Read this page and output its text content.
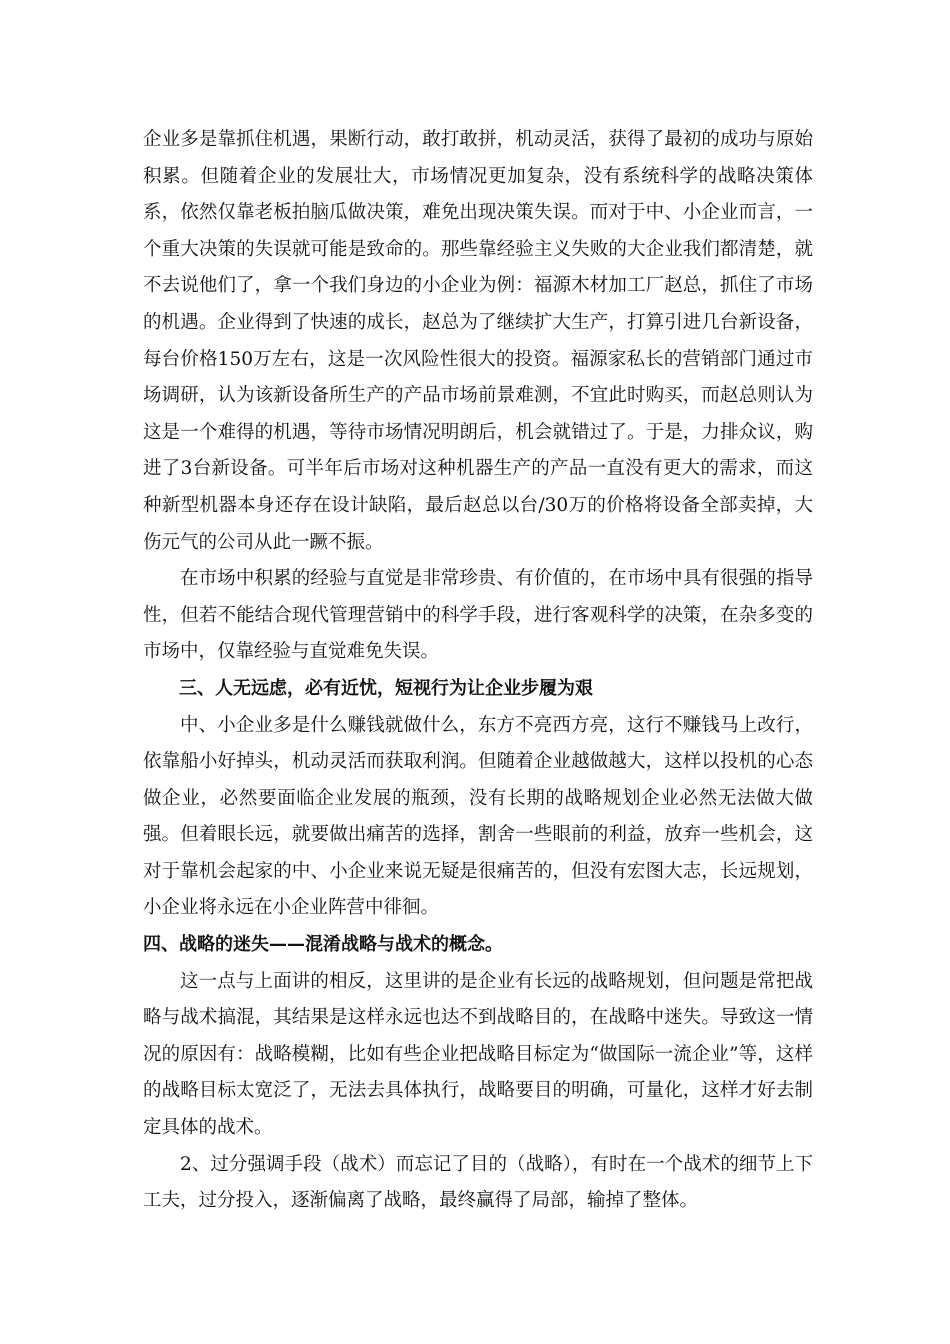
企业多是靠抓住机遇，果断行动，敢打敢拼，机动灵活，获得了最初的成功与原始积累。但随着企业的发展壮大，市场情况更加复杂，没有系统科学的战略决策体系，依然仅靠老板拍脑瓜做决策，难免出现决策失误。而对于中、小企业而言，一个重大决策的失误就可能是致命的。那些靠经验主义失败的大企业我们都清楚，就不去说他们了，拿一个我们身边的小企业为例：福源木材加工厂赵总，抓住了市场的机遇。企业得到了快速的成长，赵总为了继续扩大生产，打算引进几台新设备，每台价格150万左右，这是一次风险性很大的投资。福源家私长的营销部门通过市场调研，认为该新设备所生产的产品市场前景难测，不宜此时购买，而赵总则认为这是一个难得的机遇，等待市场情况明朗后，机会就错过了。于是，力排众议，购进了3台新设备。可半年后市场对这种机器生产的产品一直没有更大的需求，而这种新型机器本身还存在设计缺陷，最后赵总以台/30万的价格将设备全部卖掉，大伤元气的公司从此一蹶不振。

在市场中积累的经验与直觉是非常珍贵、有价值的，在市场中具有很强的指导性，但若不能结合现代管理营销中的科学手段，进行客观科学的决策，在杂多变的市场中，仅靠经验与直觉难免失误。

三、人无远虑，必有近忧，短视行为让企业步履为艰

中、小企业多是什么赚钱就做什么，东方不亮西方亮，这行不赚钱马上改行，依靠船小好掉头，机动灵活而获取利润。但随着企业越做越大，这样以投机的心态做企业，必然要面临企业发展的瓶颈，没有长期的战略规划企业必然无法做大做强。但着眼长远，就要做出痛苦的选择，割舍一些眼前的利益，放弃一些机会，这对于靠机会起家的中、小企业来说无疑是很痛苦的，但没有宏图大志，长远规划，小企业将永远在小企业阵营中徘徊。

四、战略的迷失——混淆战略与战术的概念。

这一点与上面讲的相反，这里讲的是企业有长远的战略规划，但问题是常把战略与战术搞混，其结果是这样永远也达不到战略目的，在战略中迷失。导致这一情况的原因有：战略模糊，比如有些企业把战略目标定为“做国际一流企业”等，这样的战略目标太宽泛了，无法去具体执行，战略要目的明确，可量化，这样才好去制定具体的战术。

2、过分强调手段（战术）而忘记了目的（战略），有时在一个战术的细节上下工夫，过分投入，逐渐偏离了战略，最终赢得了局部，输掉了整体。
